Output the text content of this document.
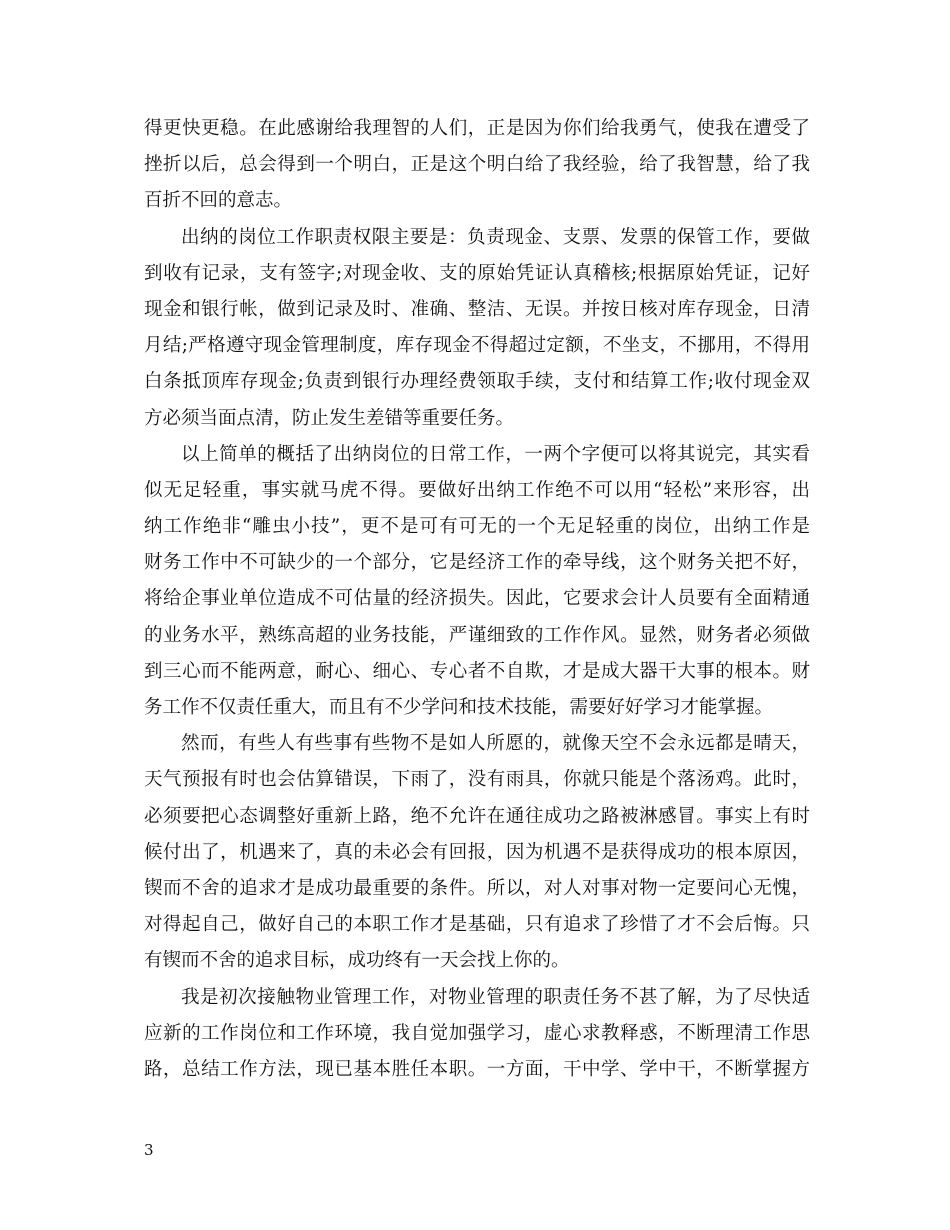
得更快更稳。在此感谢给我理智的人们，正是因为你们给我勇气，使我在遭受了
挫折以后，总会得到一个明白，正是这个明白给了我经验，给了我智慧，给了我
百折不回的意志。
出纳的岗位工作职责权限主要是：负责现金、支票、发票的保管工作，要做
到收有记录，支有签字;对现金收、支的原始凭证认真稽核;根据原始凭证，记好
现金和银行帐，做到记录及时、准确、整洁、无误。并按日核对库存现金，日清
月结;严格遵守现金管理制度，库存现金不得超过定额，不坐支，不挪用，不得用
白条抵顶库存现金;负责到银行办理经费领取手续，支付和结算工作;收付现金双
方必须当面点清，防止发生差错等重要任务。
以上简单的概括了出纳岗位的日常工作，一两个字便可以将其说完，其实看
似无足轻重，事实就马虎不得。要做好出纳工作绝不可以用“轻松”来形容，出
纳工作绝非“雕虫小技”，更不是可有可无的一个无足轻重的岗位，出纳工作是
财务工作中不可缺少的一个部分，它是经济工作的牵导线，这个财务关把不好，
将给企事业单位造成不可估量的经济损失。因此，它要求会计人员要有全面精通
的业务水平，熟练高超的业务技能，严谨细致的工作作风。显然，财务者必须做
到三心而不能两意，耐心、细心、专心者不自欺，才是成大器干大事的根本。财
务工作不仅责任重大，而且有不少学问和技术技能，需要好好学习才能掌握。
然而，有些人有些事有些物不是如人所愿的，就像天空不会永远都是晴天，
天气预报有时也会估算错误，下雨了，没有雨具，你就只能是个落汤鸡。此时，
必须要把心态调整好重新上路，绝不允许在通往成功之路被淋感冒。事实上有时
候付出了，机遇来了，真的未必会有回报，因为机遇不是获得成功的根本原因，
锲而不舍的追求才是成功最重要的条件。所以，对人对事对物一定要问心无愧，
对得起自己，做好自己的本职工作才是基础，只有追求了珍惜了才不会后悔。只
有锲而不舍的追求目标，成功终有一天会找上你的。
我是初次接触物业管理工作，对物业管理的职责任务不甚了解，为了尽快适
应新的工作岗位和工作环境，我自觉加强学习，虚心求教释惑，不断理清工作思
路，总结工作方法，现已基本胜任本职。一方面，干中学、学中干，不断掌握方
3
